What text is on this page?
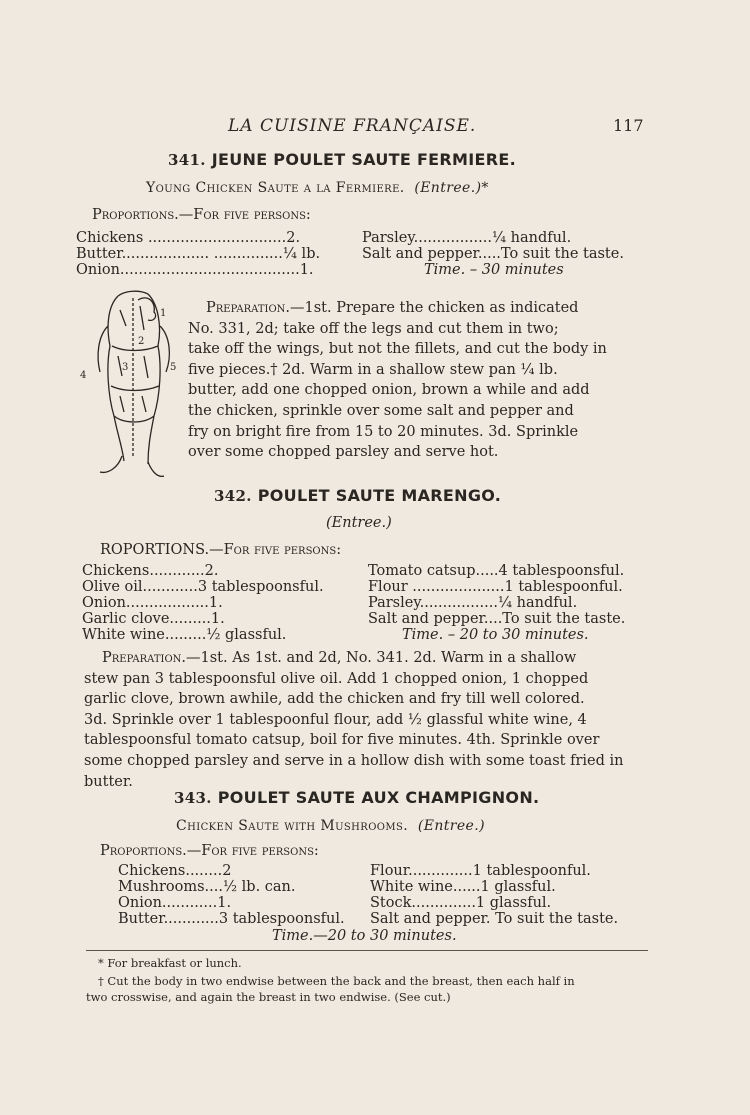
LA CUISINE FRANÇAISE.	117
341. JEUNE POULET SAUTE FERMIERE.
Young Chicken Saute a la Fermiere. (Entree.)*
Proportions.—For five persons:
Chickens ..............................2.
Butter................... ...............¼ lb.
Onion.......................................1.
Parsley.................¼ handful.
Salt and pepper.....To suit the taste.
Time. – 30 minutes
1
2
3
4
5
Preparation.—1st. Prepare the chicken as indicated
No. 331, 2d; take off the legs and cut them in two;
take off the wings, but not the fillets, and cut the body in
five pieces.† 2d. Warm in a shallow stew pan ¼ lb.
butter, add one chopped onion, brown a while and add
the chicken, sprinkle over some salt and pepper and
fry on bright fire from 15 to 20 minutes. 3d. Sprinkle
over some chopped parsley and serve hot.
342. POULET SAUTE MARENGO.
(Entree.)
ROPORTIONS.—For five persons:
Chickens............2.
Olive oil............3 tablespoonsful.
Onion..................1.
Garlic clove.........1.
White wine.........½ glassful.
Tomato catsup.....4 tablespoonsful.
Flour ....................1 tablespoonful.
Parsley.................¼ handful.
Salt and pepper....To suit the taste.
Time. – 20 to 30 minutes.
Preparation.—1st. As 1st. and 2d, No. 341. 2d. Warm in a shallow
stew pan 3 tablespoonsful olive oil. Add 1 chopped onion, 1 chopped
garlic clove, brown awhile, add the chicken and fry till well colored.
3d. Sprinkle over 1 tablespoonful flour, add ½ glassful white wine, 4
tablespoonsful tomato catsup, boil for five minutes. 4th. Sprinkle over
some chopped parsley and serve in a hollow dish with some toast fried in
butter.
343. POULET SAUTE AUX CHAMPIGNON.
Chicken Saute with Mushrooms. (Entree.)
Proportions.—For five persons:
Chickens........2
Mushrooms....½ lb. can.
Onion............1.
Butter............3 tablespoonsful.
Flour..............1 tablespoonful.
White wine......1 glassful.
Stock..............1 glassful.
Salt and pepper. To suit the taste.
Time.—20 to 30 minutes.
* For breakfast or lunch.
† Cut the body in two endwise between the back and the breast, then each half in
two crosswise, and again the breast in two endwise. (See cut.)
